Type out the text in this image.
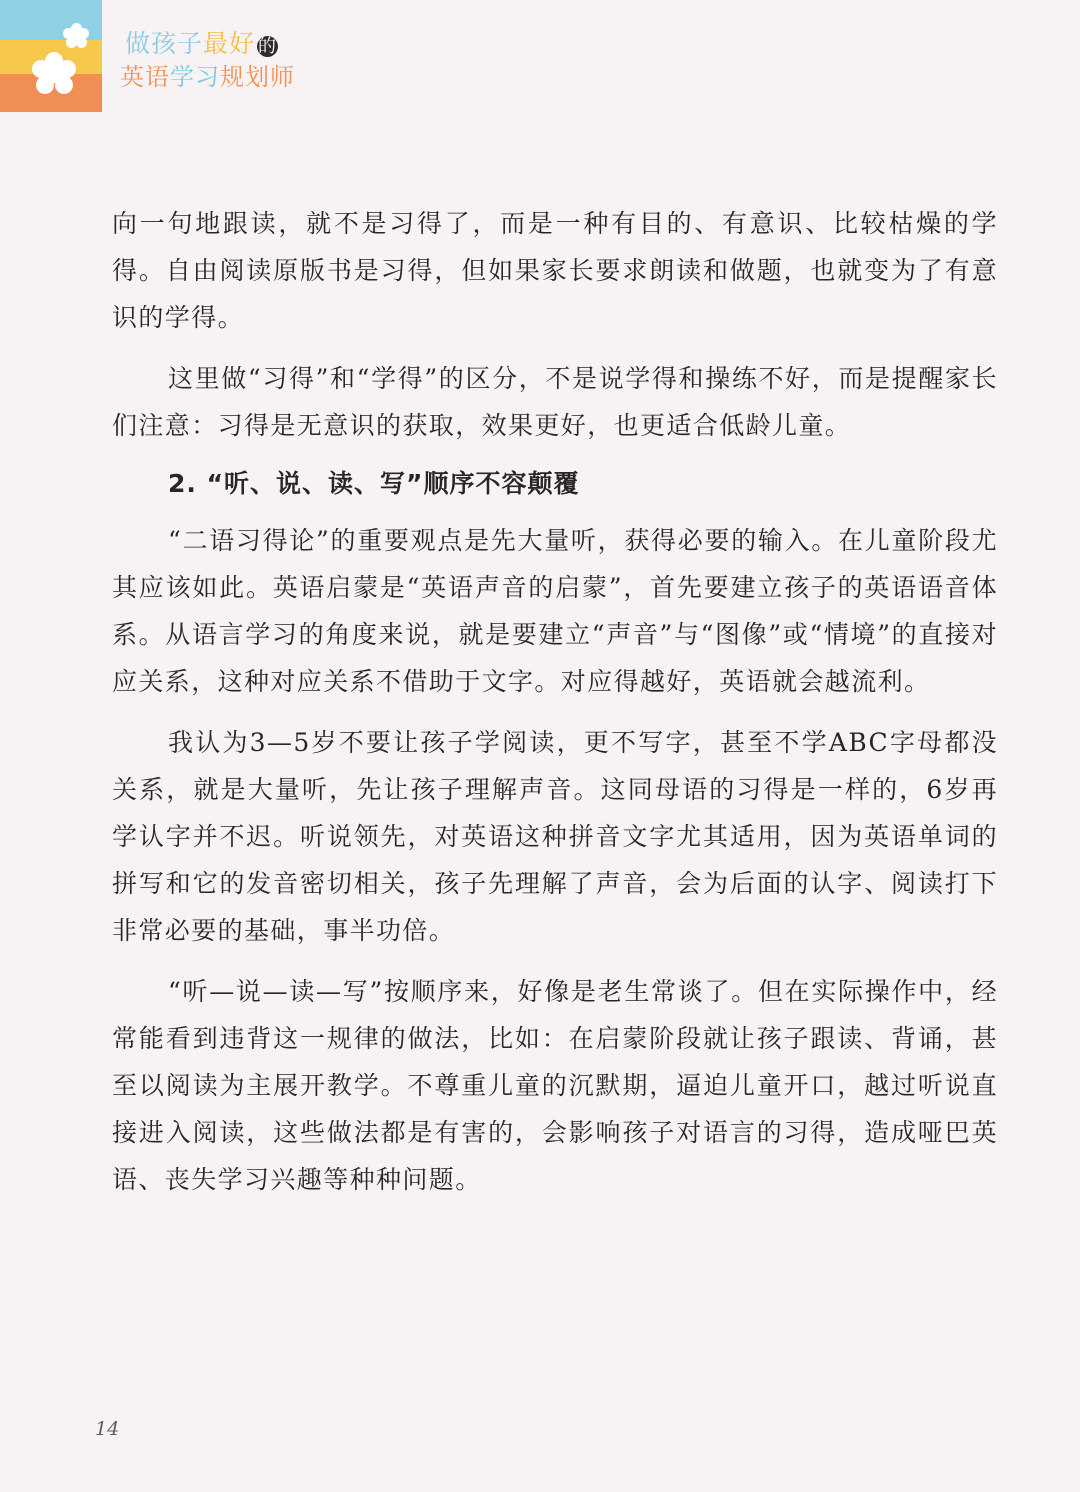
做孩子最好 的
英语学习规划师

向一句地跟读，就不是习得了，而是一种有目的、有意识、比较枯燥的学得。自由阅读原版书是习得，但如果家长要求朗读和做题，也就变为了有意识的学得。

这里做“习得”和“学得”的区分，不是说学得和操练不好，而是提醒家长们注意：习得是无意识的获取，效果更好，也更适合低龄儿童。

2. “听、说、读、写”顺序不容颠覆

“二语习得论”的重要观点是先大量听，获得必要的输入。在儿童阶段尤其应该如此。英语启蒙是“英语声音的启蒙”，首先要建立孩子的英语语音体系。从语言学习的角度来说，就是要建立“声音”与“图像”或“情境”的直接对应关系，这种对应关系不借助于文字。对应得越好，英语就会越流利。

我认为3—5岁不要让孩子学阅读，更不写字，甚至不学ABC字母都没关系，就是大量听，先让孩子理解声音。这同母语的习得是一样的，6岁再学认字并不迟。听说领先，对英语这种拼音文字尤其适用，因为英语单词的拼写和它的发音密切相关，孩子先理解了声音，会为后面的认字、阅读打下非常必要的基础，事半功倍。

“听—说—读—写”按顺序来，好像是老生常谈了。但在实际操作中，经常能看到违背这一规律的做法，比如：在启蒙阶段就让孩子跟读、背诵，甚至以阅读为主展开教学。不尊重儿童的沉默期，逼迫儿童开口，越过听说直接进入阅读，这些做法都是有害的，会影响孩子对语言的习得，造成哑巴英语、丧失学习兴趣等种种问题。

14
